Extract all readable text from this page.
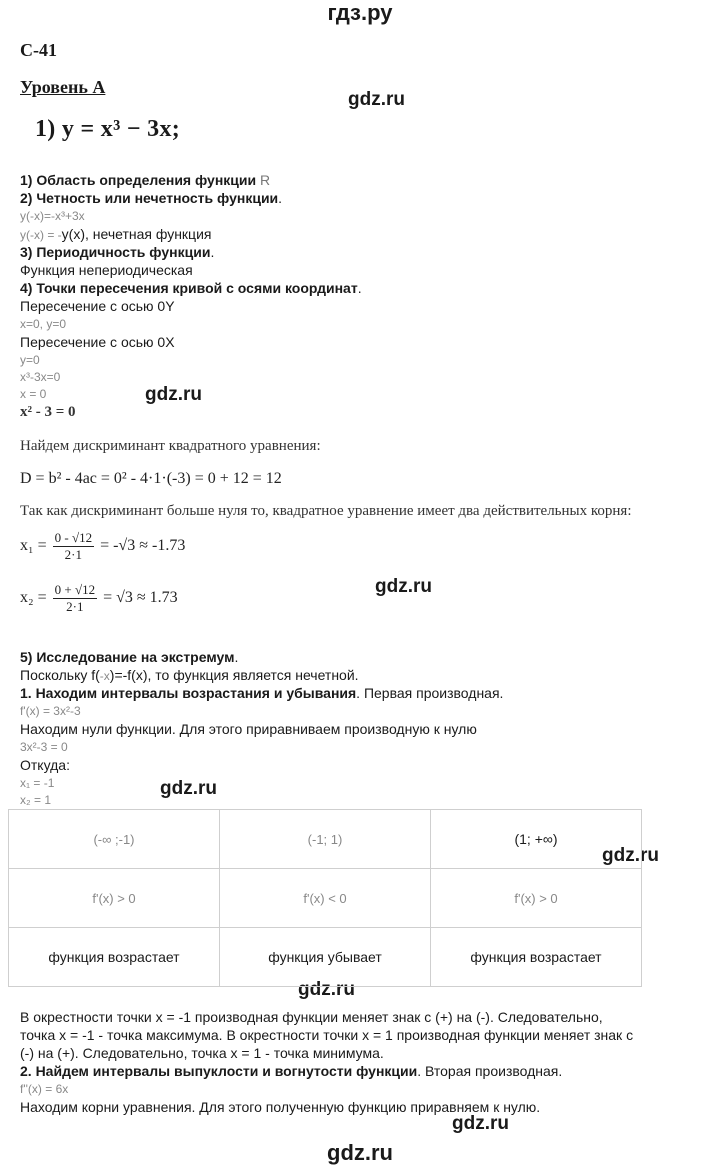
гдз.ру
gdz.ru
gdz.ru
gdz.ru
gdz.ru
gdz.ru
gdz.ru
gdz.ru
gdz.ru
С-41
Уровень А
1) y = x³ − 3x;
1) Область определения функции R
2) Четность или нечетность функции.
y(-x)=-x³+3x
y(-x) = -y(x), нечетная функция
3) Периодичность функции.
Функция непериодическая
4) Точки пересечения кривой с осями координат.
Пересечение с осью 0Y
x=0, y=0
Пересечение с осью 0X
y=0
x³-3x=0
x = 0
x² - 3 = 0
Найдем дискриминант квадратного уравнения:
D = b² - 4ac = 0² - 4·1·(-3) = 0 + 12 = 12
Так как дискриминант больше нуля то, квадратное уравнение имеет два действительных корня:
$x_1 = \frac{0 - √12}{2\cdot 1} = -√3 \approx -1.73$
$x_2 = \frac{0 + √12}{2\cdot 1} = √3 \approx 1.73$
5) Исследование на экстремум.
Поскольку f(-x)=-f(x), то функция является нечетной.
1. Находим интервалы возрастания и убывания. Первая производная.
f'(x) = 3x²-3
Находим нули функции. Для этого приравниваем производную к нулю
3x²-3 = 0
Откуда:
x₁ = -1
x₂ = 1
(-∞ ;-1)	(-1; 1)	(1; +∞)
f'(x) > 0	f'(x) < 0	f'(x) > 0
функция возрастает	функция убывает	функция возрастает
В окрестности точки x = -1 производная функции меняет знак с (+) на (-). Следовательно,
точка x = -1 - точка максимума. В окрестности точки x = 1 производная функции меняет знак с
(-) на (+). Следовательно, точка x = 1 - точка минимума.
2. Найдем интервалы выпуклости и вогнутости функции. Вторая производная.
f''(x) = 6x
Находим корни уравнения. Для этого полученную функцию приравняем к нулю.
